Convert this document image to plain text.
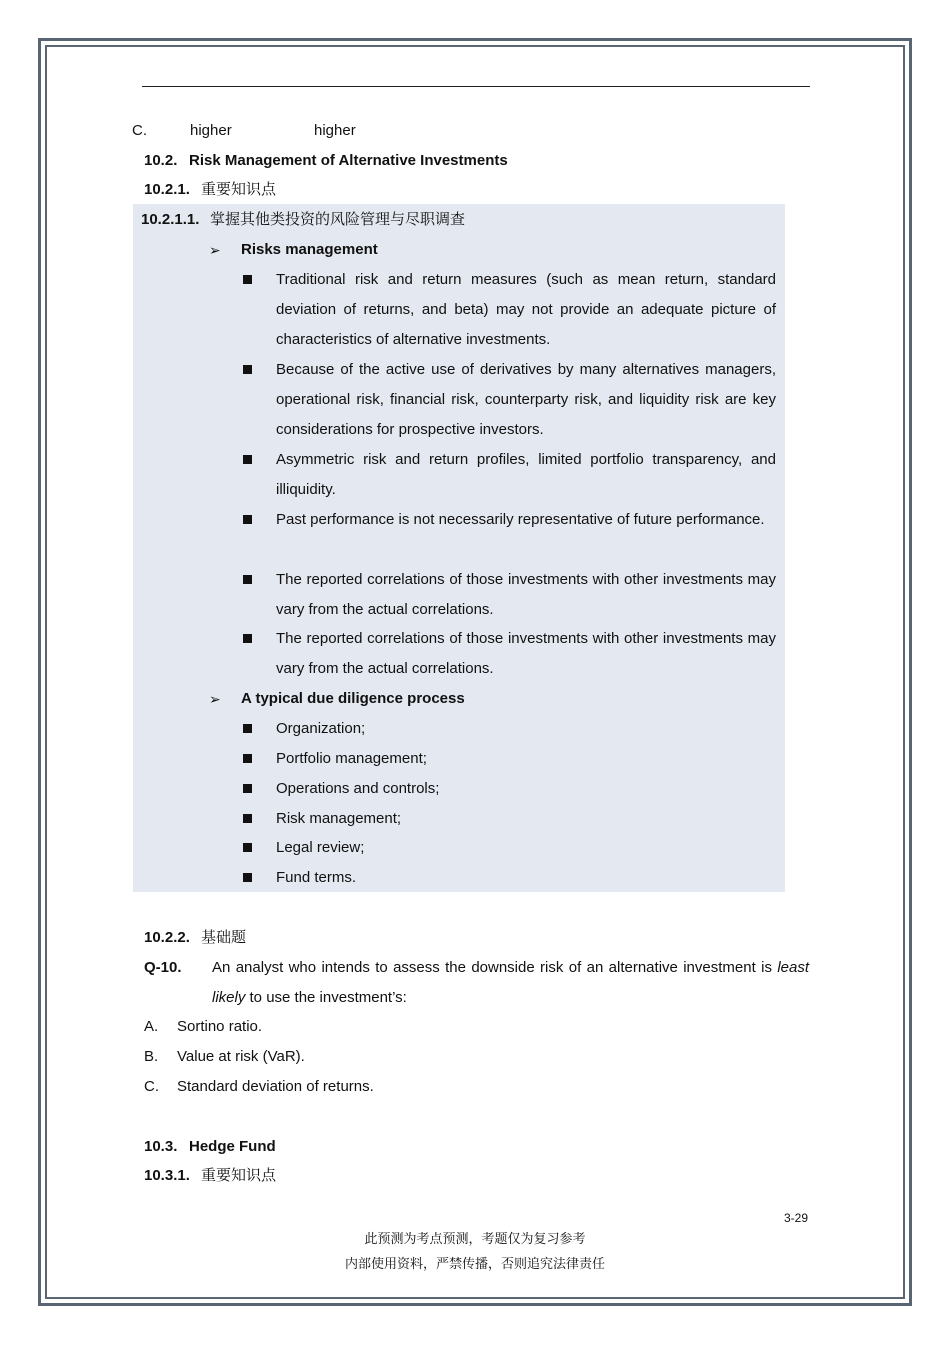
C.	higher	higher
10.2. Risk Management of Alternative Investments
10.2.1. 重要知识点
10.2.1.1. 掌握其他类投资的风险管理与尽职调查
➢ Risks management
Traditional risk and return measures (such as mean return, standard deviation of returns, and beta) may not provide an adequate picture of characteristics of alternative investments.
Because of the active use of derivatives by many alternatives managers, operational risk, financial risk, counterparty risk, and liquidity risk are key considerations for prospective investors.
Asymmetric risk and return profiles, limited portfolio transparency, and illiquidity.
Past performance is not necessarily representative of future performance.
The reported correlations of those investments with other investments may vary from the actual correlations.
The reported correlations of those investments with other investments may vary from the actual correlations.
➢ A typical due diligence process
Organization;
Portfolio management;
Operations and controls;
Risk management;
Legal review;
Fund terms.
10.2.2. 基础题
Q-10. An analyst who intends to assess the downside risk of an alternative investment is least likely to use the investment’s:
A. Sortino ratio.
B. Value at risk (VaR).
C. Standard deviation of returns.
10.3. Hedge Fund
10.3.1. 重要知识点
3-29
此预测为考点预测，考题仅为复习参考
内部使用资料，严禁传播，否则追究法律责任
